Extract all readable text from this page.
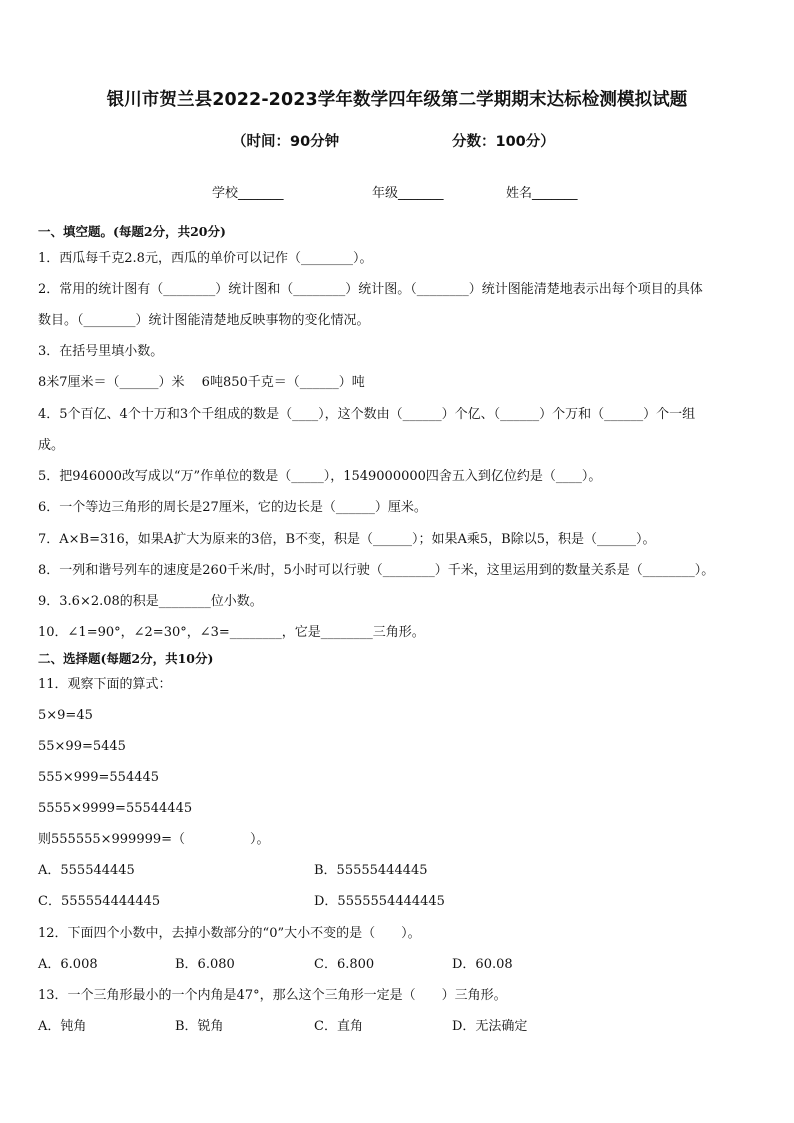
银川市贺兰县2022-2023学年数学四年级第二学期期末达标检测模拟试题
（时间：90分钟	分数：100分）
学校_______	年级_______	姓名_______
一、填空题。(每题2分，共20分)
1．西瓜每千克2.8元，西瓜的单价可以记作（________）。
2．常用的统计图有（________）统计图和（________）统计图。（________）统计图能清楚地表示出每个项目的具体
数目。（________）统计图能清楚地反映事物的变化情况。
3．在括号里填小数。
8米7厘米＝（______）米　 6吨850千克＝（______）吨
4．5个百亿、4个十万和3个千组成的数是（____），这个数由（______）个亿、（______）个万和（______）个一组
成。
5．把946000改写成以“万”作单位的数是（_____），1549000000四舍五入到亿位约是（____）。
6．一个等边三角形的周长是27厘米，它的边长是（______）厘米。
7．A×B=316，如果A扩大为原来的3倍，B不变，积是（______）；如果A乘5，B除以5，积是（______）。
8．一列和谐号列车的速度是260千米/时，5小时可以行驶（________）千米，这里运用到的数量关系是（________）。
9．3.6×2.08的积是________位小数。
10．∠1=90°，∠2=30°，∠3=________，它是________三角形。
二、选择题(每题2分，共10分)
11．观察下面的算式：
5×9=45
55×99=5445
555×999=554445
5555×9999=55544445
则555555×999999=（　　　　　）。
A．555544445	B．55555444445
C．555554444445	D．5555554444445
12．下面四个小数中，去掉小数部分的“0”大小不变的是（　　）。
A．6.008	B．6.080	C．6.800	D．60.08
13．一个三角形最小的一个内角是47°，那么这个三角形一定是（　　）三角形。
A．钝角	B．锐角	C．直角	D．无法确定
